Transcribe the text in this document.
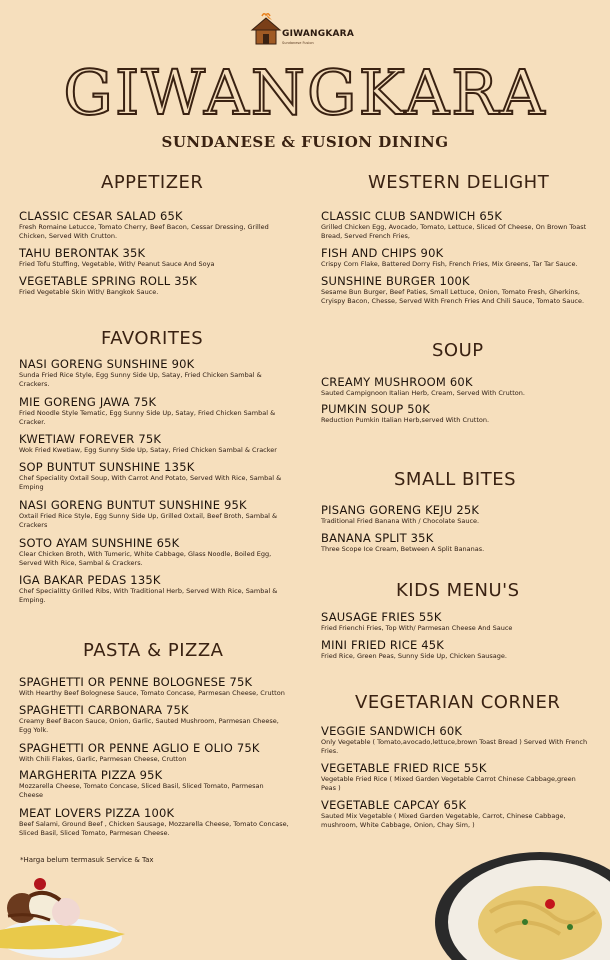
GIWANGKARA
Sundanese Fusion
GIWANGKARA
SUNDANESE & FUSION DINING
APPETIZER
CLASSIC CESAR SALAD 65K
Fresh Romaine Letucce, Tomato Cherry, Beef Bacon, Cessar Dressing, Grilled Chicken, Served With Crutton.
TAHU BERONTAK 35K
Fried Tofu Stuffing, Vegetable, With/ Peanut Sauce And Soya
VEGETABLE SPRING ROLL 35K
Fried Vegetable Skin With/ Bangkok Sauce.
FAVORITES
NASI GORENG SUNSHINE 90K
Sunda Fried Rice Style, Egg Sunny Side Up, Satay, Fried Chicken Sambal & Crackers.
MIE GORENG JAWA 75K
Fried Noodle Style Tematic, Egg Sunny Side Up, Satay, Fried Chicken Sambal & Cracker.
KWETIAW FOREVER 75K
Wok Fried Kwetiaw, Egg Sunny Side Up, Satay, Fried Chicken Sambal & Cracker
SOP BUNTUT SUNSHINE 135K
Chef Speciality Oxtail Soup, With Carrot And Potato, Served With Rice, Sambal & Emping
NASI GORENG BUNTUT SUNSHINE 95K
Oxtail Fried Rice Style, Egg Sunny Side Up, Grilled Oxtail, Beef Broth, Sambal & Crackers
SOTO AYAM SUNSHINE 65K
Clear Chicken Broth, With Tumeric, White Cabbage, Glass Noodle, Boiled Egg, Served With Rice, Sambal & Crackers.
IGA BAKAR PEDAS 135K
Chef Specialitty Grilled Ribs, With Traditional Herb, Served With Rice, Sambal & Emping.
PASTA & PIZZA
SPAGHETTI OR PENNE BOLOGNESE 75K
With Hearthy Beef Bolognese Sauce, Tomato Concase, Parmesan Cheese, Crutton
SPAGHETTI CARBONARA 75K
Creamy Beef Bacon Sauce, Onion, Garlic, Sauted Mushroom, Parmesan Cheese, Egg Yolk.
SPAGHETTI OR PENNE AGLIO E OLIO 75K
With Chili Flakes, Garlic, Parmesan Cheese, Crutton
MARGHERITA PIZZA 95K
Mozzarella Cheese, Tomato Concase, Sliced Basil, Sliced Tomato, Parmesan Cheese
MEAT LOVERS PIZZA 100K
Beef Salami, Ground Beef , Chicken Sausage, Mozzarella Cheese, Tomato Concase, Sliced Basil, Sliced Tomato, Parmesan Cheese.
*Harga belum termasuk Service & Tax
WESTERN DELIGHT
CLASSIC CLUB SANDWICH 65K
Grilled Chicken Egg, Avocado, Tomato, Lettuce, Sliced Of Cheese, On Brown Toast Bread, Served French Fries,
FISH AND CHIPS 90K
Crispy Corn Flake, Battered Dorry Fish, French Fries, Mix Greens, Tar Tar Sauce.
SUNSHINE BURGER 100K
Sesame Bun Burger, Beef Paties, Small Lettuce, Onion, Tomato Fresh, Gherkins, Cryispy Bacon, Chesse, Served With French Fries And Chili Sauce, Tomato Sauce.
SOUP
CREAMY MUSHROOM 60K
Sauted Campignoon Italian Herb, Cream, Served With Crutton.
PUMKIN SOUP 50K
Reduction Pumkin Italian Herb,served With Crutton.
SMALL BITES
PISANG GORENG KEJU 25K
Traditional Fried Banana With / Chocolate Sauce.
BANANA SPLIT 35K
Three Scope Ice Cream, Between A Split Bananas.
KIDS MENU'S
SAUSAGE FRIES 55K
Fried Frienchi Fries, Top With/ Parmesan Cheese And Sauce
MINI FRIED RICE 45K
Fried Rice, Green Peas, Sunny Side Up, Chicken Sausage.
VEGETARIAN CORNER
VEGGIE SANDWICH 60K
Only Vegetable ( Tomato,avocado,lettuce,brown Toast Bread ) Served With French Fries.
VEGETABLE FRIED RICE 55K
Vegetable Fried Rice ( Mixed Garden Vegetable Carrot Chinese Cabbage,green Peas )
VEGETABLE CAPCAY 65K
Sauted Mix Vegetable ( Mixed Garden Vegetable, Carrot, Chinese Cabbage, mushroom, White Cabbage, Onion, Chay Sim, )
